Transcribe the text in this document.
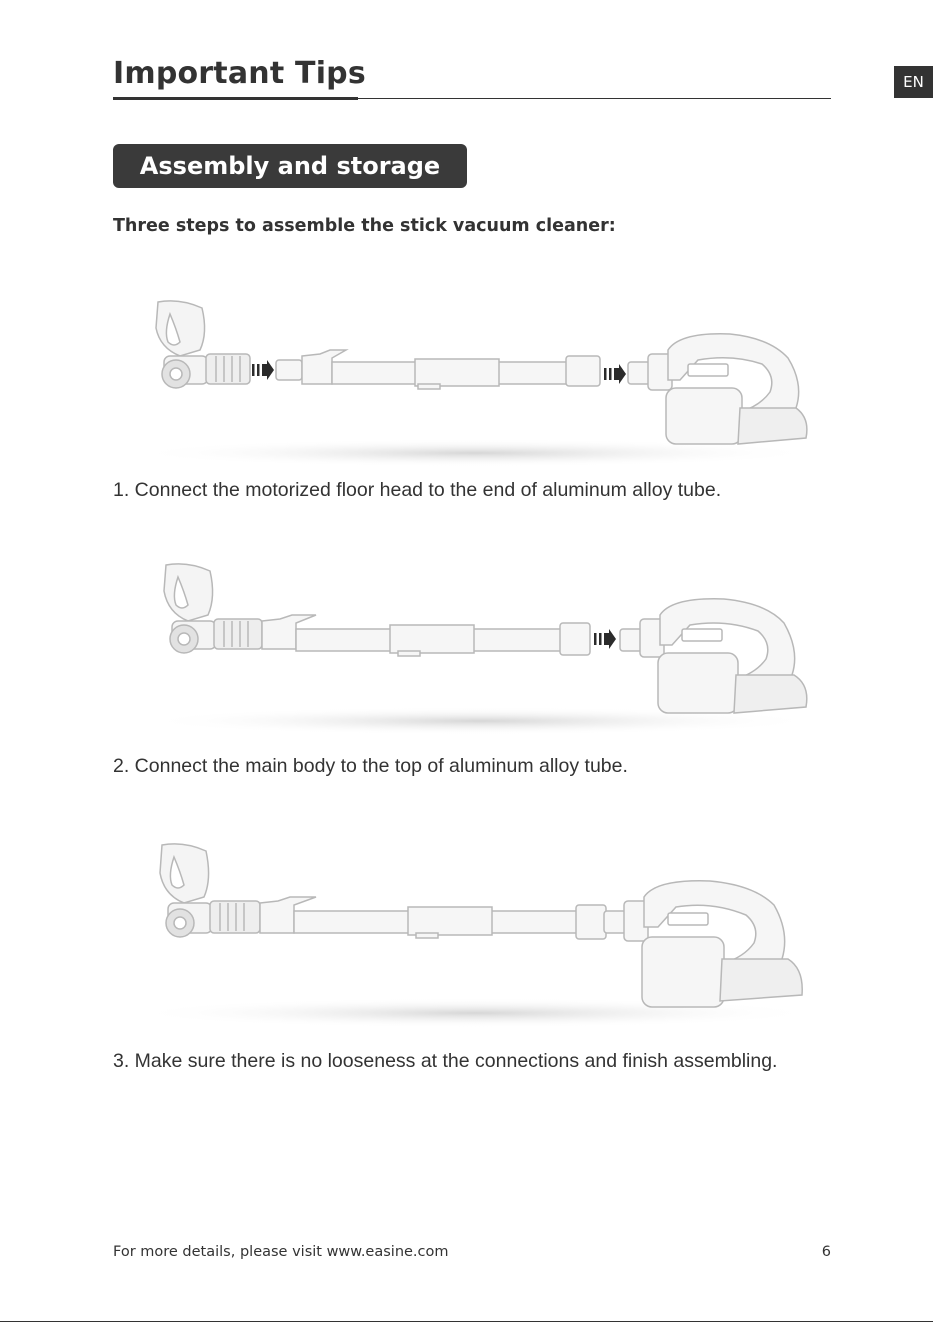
Important Tips	EN
Assembly and storage
Three steps to assemble the stick vacuum cleaner:
1. Connect the motorized floor head to the end of aluminum alloy tube.
2. Connect the main body to the top of aluminum alloy tube.
3. Make sure there is no looseness at the connections and finish assembling.
For more details, please visit www.easine.com	6
